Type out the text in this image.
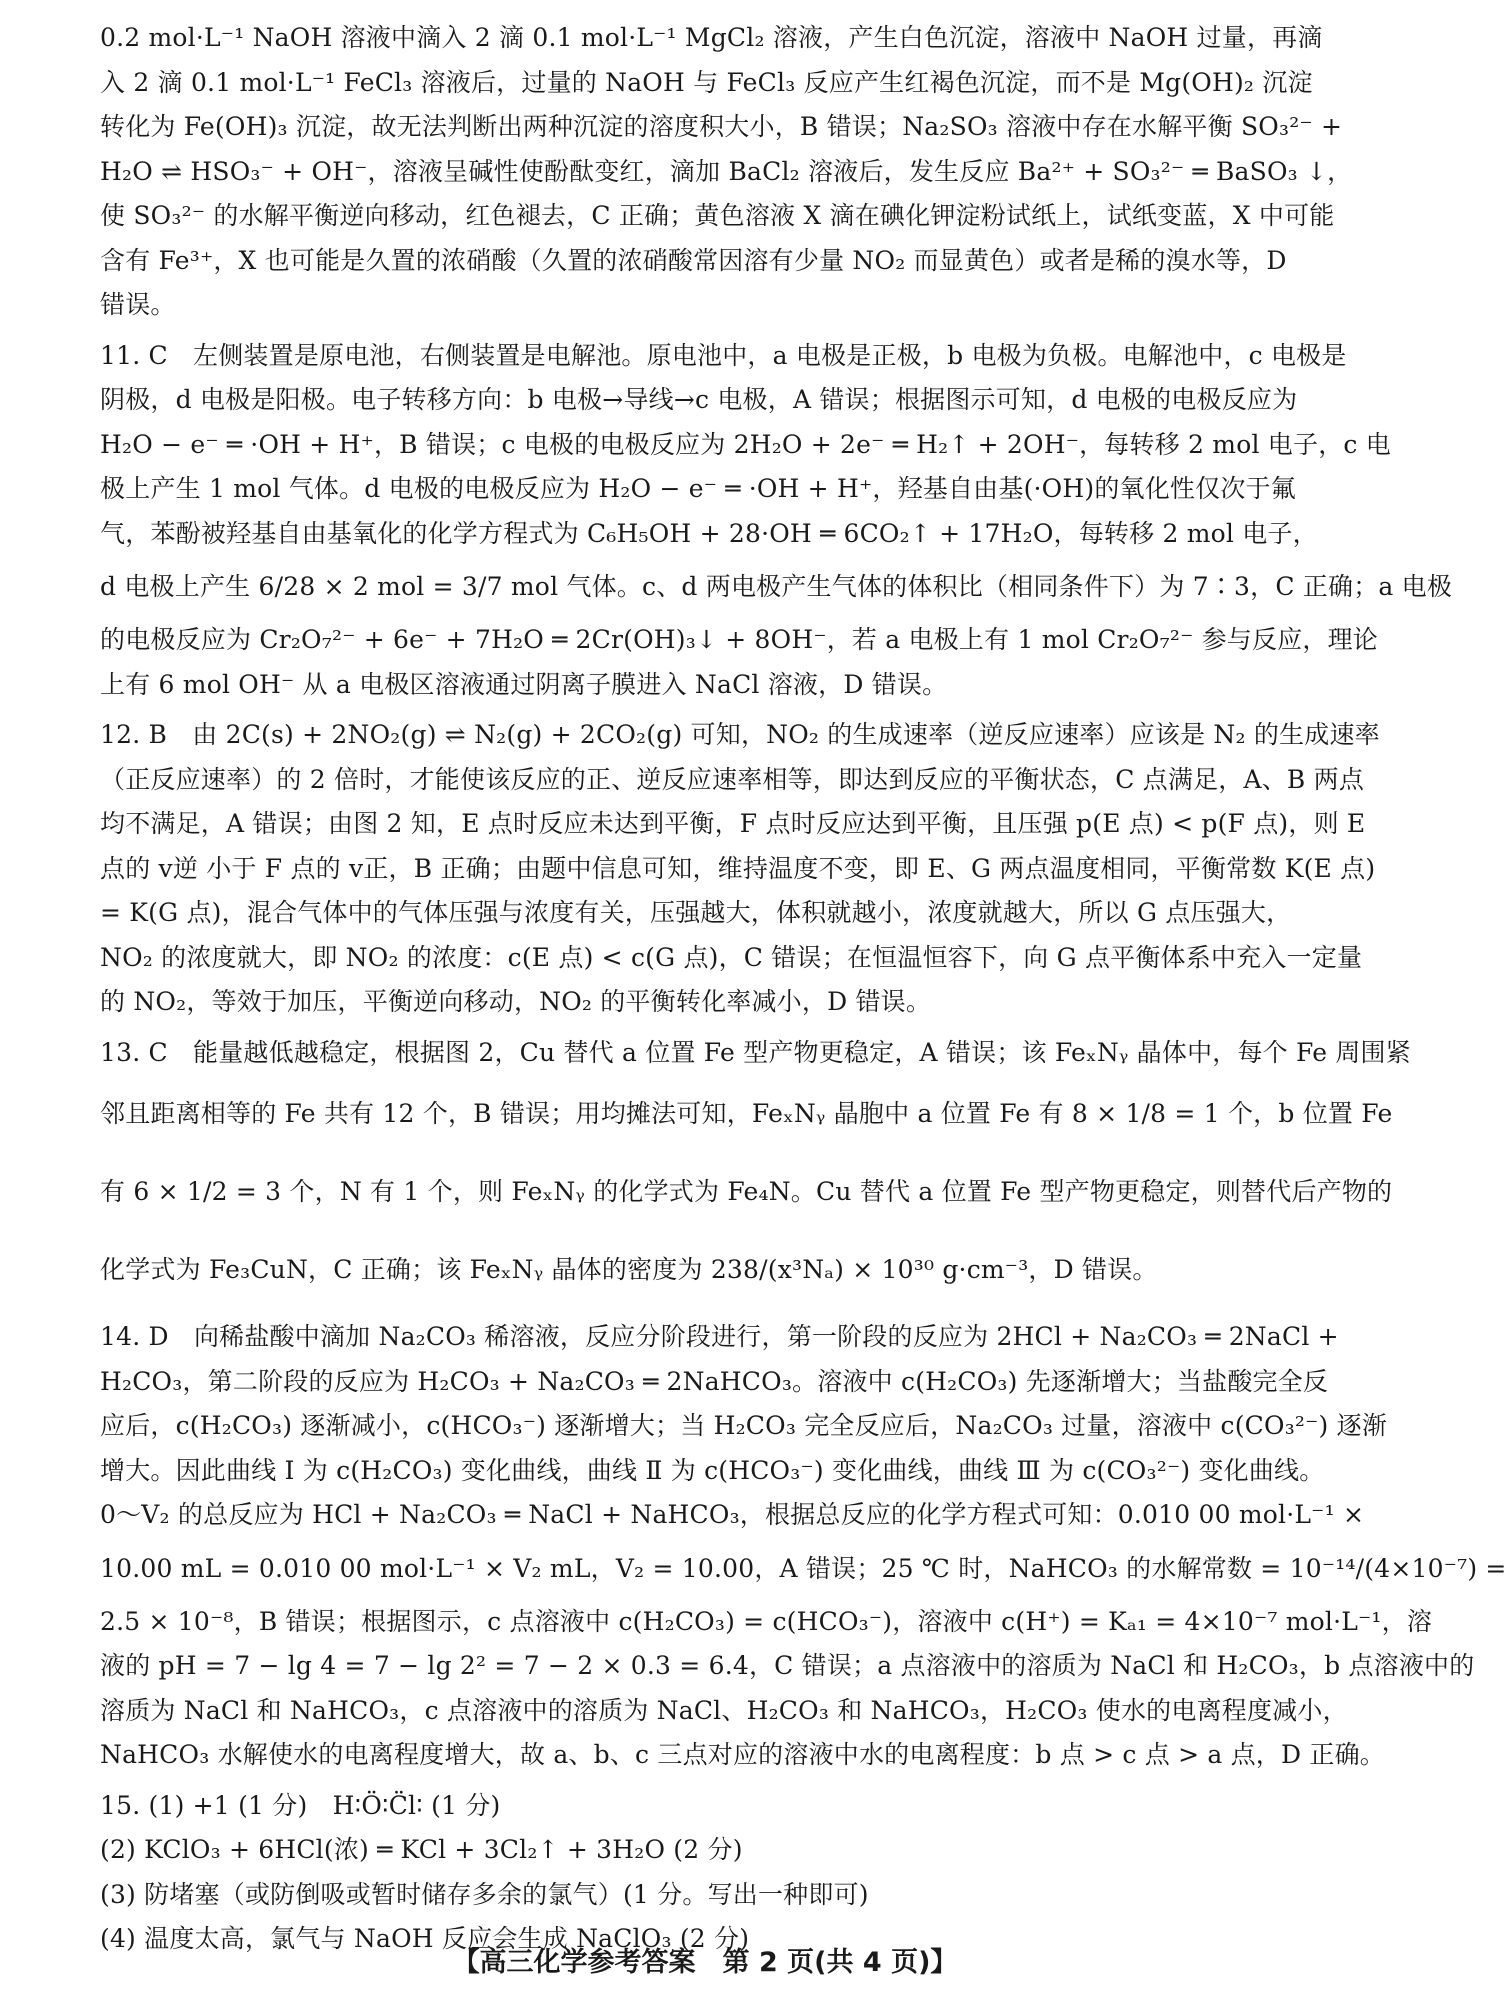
0.2 mol·L⁻¹ NaOH 溶液中滴入 2 滴 0.1 mol·L⁻¹ MgCl₂ 溶液，产生白色沉淀，溶液中 NaOH 过量，再滴
入 2 滴 0.1 mol·L⁻¹ FeCl₃ 溶液后，过量的 NaOH 与 FeCl₃ 反应产生红褐色沉淀，而不是 Mg(OH)₂ 沉淀
转化为 Fe(OH)₃ 沉淀，故无法判断出两种沉淀的溶度积大小，B 错误；Na₂SO₃ 溶液中存在水解平衡 SO₃²⁻ +
H₂O ⇌ HSO₃⁻ + OH⁻，溶液呈碱性使酚酞变红，滴加 BaCl₂ 溶液后，发生反应 Ba²⁺ + SO₃²⁻ ═ BaSO₃ ↓，
使 SO₃²⁻ 的水解平衡逆向移动，红色褪去，C 正确；黄色溶液 X 滴在碘化钾淀粉试纸上，试纸变蓝，X 中可能
含有 Fe³⁺，X 也可能是久置的浓硝酸（久置的浓硝酸常因溶有少量 NO₂ 而显黄色）或者是稀的溴水等，D
错误。
11. C　左侧装置是原电池，右侧装置是电解池。原电池中，a 电极是正极，b 电极为负极。电解池中，c 电极是
阴极，d 电极是阳极。电子转移方向：b 电极→导线→c 电极，A 错误；根据图示可知，d 电极的电极反应为
H₂O − e⁻ ═ ·OH + H⁺，B 错误；c 电极的电极反应为 2H₂O + 2e⁻ ═ H₂↑ + 2OH⁻，每转移 2 mol 电子，c 电
极上产生 1 mol 气体。d 电极的电极反应为 H₂O − e⁻ ═ ·OH + H⁺，羟基自由基(·OH)的氧化性仅次于氟
气，苯酚被羟基自由基氧化的化学方程式为 C₆H₅OH + 28·OH ═ 6CO₂↑ + 17H₂O，每转移 2 mol 电子，
d 电极上产生 6/28 × 2 mol = 3/7 mol 气体。c、d 两电极产生气体的体积比（相同条件下）为 7∶3，C 正确；a 电极
的电极反应为 Cr₂O₇²⁻ + 6e⁻ + 7H₂O ═ 2Cr(OH)₃↓ + 8OH⁻，若 a 电极上有 1 mol Cr₂O₇²⁻ 参与反应，理论
上有 6 mol OH⁻ 从 a 电极区溶液通过阴离子膜进入 NaCl 溶液，D 错误。
12. B　由 2C(s) + 2NO₂(g) ⇌ N₂(g) + 2CO₂(g) 可知，NO₂ 的生成速率（逆反应速率）应该是 N₂ 的生成速率
（正反应速率）的 2 倍时，才能使该反应的正、逆反应速率相等，即达到反应的平衡状态，C 点满足，A、B 两点
均不满足，A 错误；由图 2 知，E 点时反应未达到平衡，F 点时反应达到平衡，且压强 p(E 点) < p(F 点)，则 E
点的 v逆 小于 F 点的 v正，B 正确；由题中信息可知，维持温度不变，即 E、G 两点温度相同，平衡常数 K(E 点)
= K(G 点)，混合气体中的气体压强与浓度有关，压强越大，体积就越小，浓度就越大，所以 G 点压强大，
NO₂ 的浓度就大，即 NO₂ 的浓度：c(E 点) < c(G 点)，C 错误；在恒温恒容下，向 G 点平衡体系中充入一定量
的 NO₂，等效于加压，平衡逆向移动，NO₂ 的平衡转化率减小，D 错误。
13. C　能量越低越稳定，根据图 2，Cu 替代 a 位置 Fe 型产物更稳定，A 错误；该 FeₓNᵧ 晶体中，每个 Fe 周围紧
邻且距离相等的 Fe 共有 12 个，B 错误；用均摊法可知，FeₓNᵧ 晶胞中 a 位置 Fe 有 8 × 1/8 = 1 个，b 位置 Fe
有 6 × 1/2 = 3 个，N 有 1 个，则 FeₓNᵧ 的化学式为 Fe₄N。Cu 替代 a 位置 Fe 型产物更稳定，则替代后产物的
化学式为 Fe₃CuN，C 正确；该 FeₓNᵧ 晶体的密度为 238/(x³Nₐ) × 10³⁰ g·cm⁻³，D 错误。
14. D　向稀盐酸中滴加 Na₂CO₃ 稀溶液，反应分阶段进行，第一阶段的反应为 2HCl + Na₂CO₃ ═ 2NaCl +
H₂CO₃，第二阶段的反应为 H₂CO₃ + Na₂CO₃ ═ 2NaHCO₃。溶液中 c(H₂CO₃) 先逐渐增大；当盐酸完全反
应后，c(H₂CO₃) 逐渐减小，c(HCO₃⁻) 逐渐增大；当 H₂CO₃ 完全反应后，Na₂CO₃ 过量，溶液中 c(CO₃²⁻) 逐渐
增大。因此曲线 Ⅰ 为 c(H₂CO₃) 变化曲线，曲线 Ⅱ 为 c(HCO₃⁻) 变化曲线，曲线 Ⅲ 为 c(CO₃²⁻) 变化曲线。
0～V₂ 的总反应为 HCl + Na₂CO₃ ═ NaCl + NaHCO₃，根据总反应的化学方程式可知：0.010 00 mol·L⁻¹ ×
10.00 mL = 0.010 00 mol·L⁻¹ × V₂ mL，V₂ = 10.00，A 错误；25 ℃ 时，NaHCO₃ 的水解常数 = 10⁻¹⁴/(4×10⁻⁷) =
2.5 × 10⁻⁸，B 错误；根据图示，c 点溶液中 c(H₂CO₃) = c(HCO₃⁻)，溶液中 c(H⁺) = Kₐ₁ = 4×10⁻⁷ mol·L⁻¹，溶
液的 pH = 7 − lg 4 = 7 − lg 2² = 7 − 2 × 0.3 = 6.4，C 错误；a 点溶液中的溶质为 NaCl 和 H₂CO₃，b 点溶液中的
溶质为 NaCl 和 NaHCO₃，c 点溶液中的溶质为 NaCl、H₂CO₃ 和 NaHCO₃，H₂CO₃ 使水的电离程度减小，
NaHCO₃ 水解使水的电离程度增大，故 a、b、c 三点对应的溶液中水的电离程度：b 点 > c 点 > a 点，D 正确。
15. (1) +1 (1 分)　H∶Ö∶C̈l∶ (1 分)
(2) KClO₃ + 6HCl(浓) ═ KCl + 3Cl₂↑ + 3H₂O (2 分)
(3) 防堵塞（或防倒吸或暂时储存多余的氯气）(1 分。写出一种即可)
(4) 温度太高，氯气与 NaOH 反应会生成 NaClO₃ (2 分)
【高三化学参考答案　第 2 页(共 4 页)】
